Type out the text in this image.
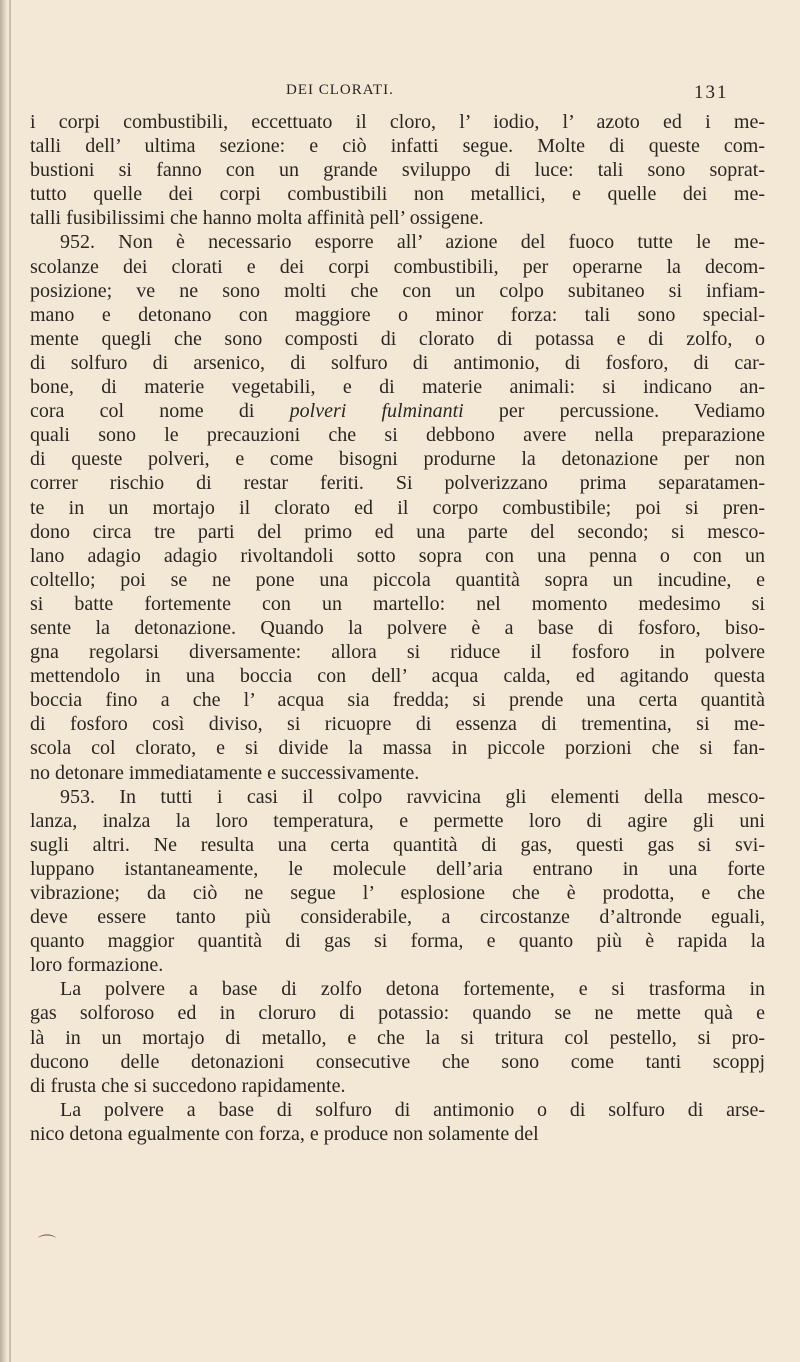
DEI CLORATI.	131
i corpi combustibili, eccettuato il cloro, l’ iodio, l’ azoto ed i me-
talli dell’ ultima sezione: e ciò infatti segue. Molte di queste com-
bustioni si fanno con un grande sviluppo di luce: tali sono soprat-
tutto quelle dei corpi combustibili non metallici, e quelle dei me-
talli fusibilissimi che hanno molta affinità pell’ ossigene.
952. Non è necessario esporre all’ azione del fuoco tutte le me-
scolanze dei clorati e dei corpi combustibili, per operarne la decom-
posizione; ve ne sono molti che con un colpo subitaneo si infiam-
mano e detonano con maggiore o minor forza: tali sono special-
mente quegli che sono composti di clorato di potassa e di zolfo, o
di solfuro di arsenico, di solfuro di antimonio, di fosforo, di car-
bone, di materie vegetabili, e di materie animali: si indicano an-
cora col nome di polveri fulminanti per percussione. Vediamo
quali sono le precauzioni che si debbono avere nella preparazione
di queste polveri, e come bisogni produrne la detonazione per non
correr rischio di restar feriti. Si polverizzano prima separatamen-
te in un mortajo il clorato ed il corpo combustibile; poi si pren-
dono circa tre parti del primo ed una parte del secondo; si mesco-
lano adagio adagio rivoltandoli sotto sopra con una penna o con un
coltello; poi se ne pone una piccola quantità sopra un incudine, e
si batte fortemente con un martello: nel momento medesimo si
sente la detonazione. Quando la polvere è a base di fosforo, biso-
gna regolarsi diversamente: allora si riduce il fosforo in polvere
mettendolo in una boccia con dell’ acqua calda, ed agitando questa
boccia fino a che l’ acqua sia fredda; si prende una certa quantità
di fosforo così diviso, si ricuopre di essenza di trementina, si me-
scola col clorato, e si divide la massa in piccole porzioni che si fan-
no detonare immediatamente e successivamente.
953. In tutti i casi il colpo ravvicina gli elementi della mesco-
lanza, inalza la loro temperatura, e permette loro di agire gli uni
sugli altri. Ne resulta una certa quantità di gas, questi gas si svi-
luppano istantaneamente, le molecule dell’aria entrano in una forte
vibrazione; da ciò ne segue l’ esplosione che è prodotta, e che
deve essere tanto più considerabile, a circostanze d’altronde eguali,
quanto maggior quantità di gas si forma, e quanto più è rapida la
loro formazione.
La polvere a base di zolfo detona fortemente, e si trasforma in
gas solforoso ed in cloruro di potassio: quando se ne mette quà e
là in un mortajo di metallo, e che la si tritura col pestello, si pro-
ducono delle detonazioni consecutive che sono come tanti scoppj
di frusta che si succedono rapidamente.
La polvere a base di solfuro di antimonio o di solfuro di arse-
nico detona egualmente con forza, e produce non solamente del
⌒
